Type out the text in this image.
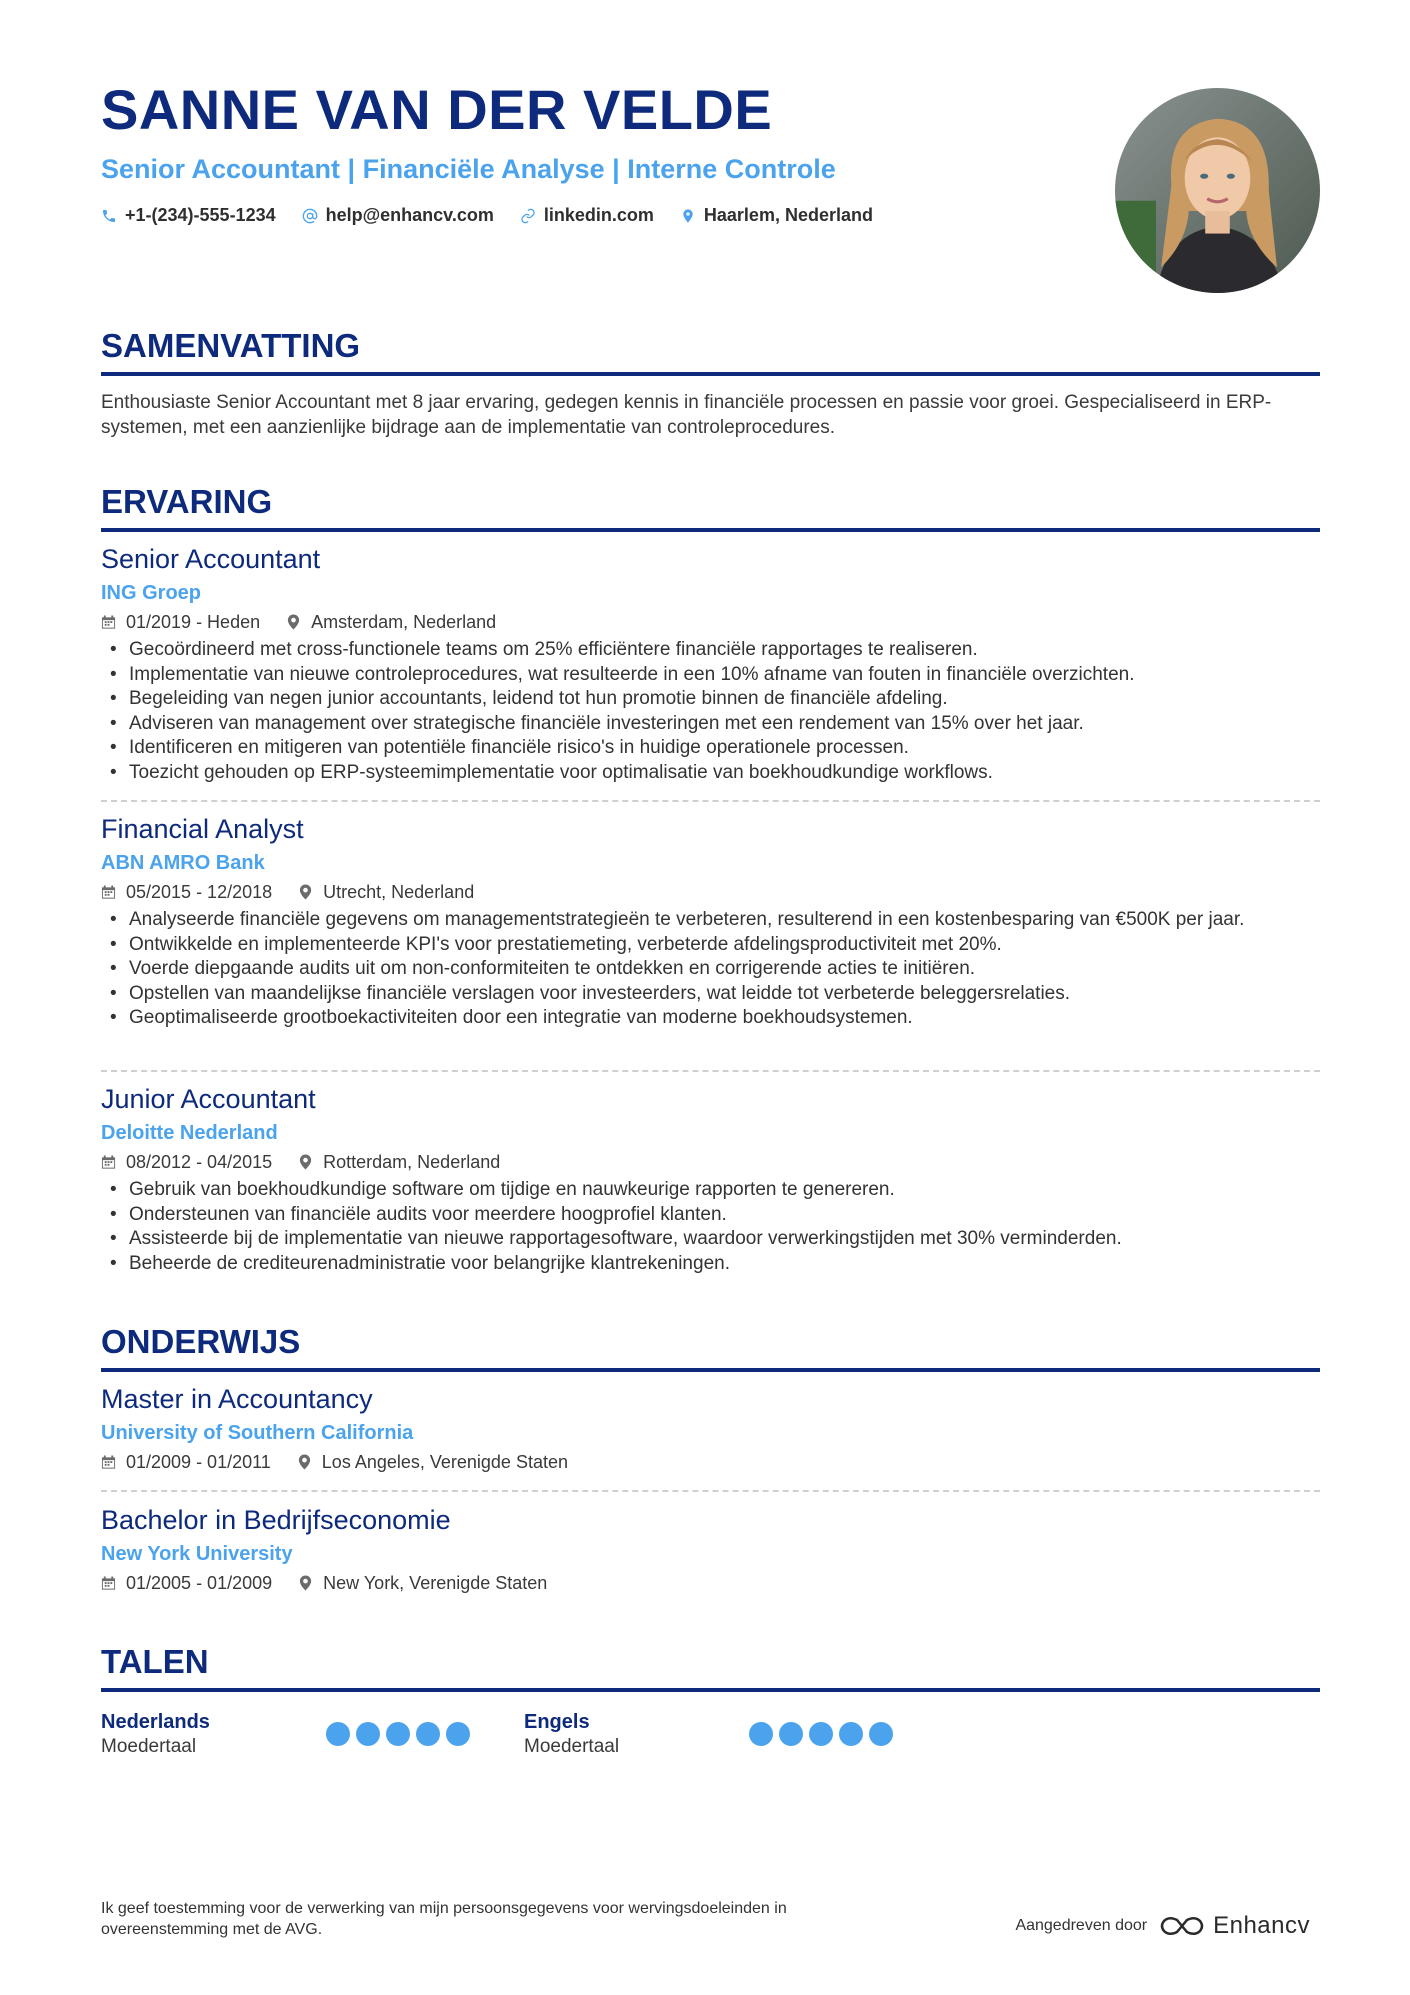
SANNE VAN DER VELDE
Senior Accountant | Financiële Analyse | Interne Controle
+1-(234)-555-1234	help@enhancv.com	linkedin.com	Haarlem, Nederland
SAMENVATTING

Enthousiaste Senior Accountant met 8 jaar ervaring, gedegen kennis in financiële processen en passie voor groei. Gespecialiseerd in ERP-systemen, met een aanzienlijke bijdrage aan de implementatie van controleprocedures.

ERVARING
Senior Accountant
ING Groep
01/2019 - Heden	Amsterdam, Nederland
• Gecoördineerd met cross-functionele teams om 25% efficiëntere financiële rapportages te realiseren.
• Implementatie van nieuwe controleprocedures, wat resulteerde in een 10% afname van fouten in financiële overzichten.
• Begeleiding van negen junior accountants, leidend tot hun promotie binnen de financiële afdeling.
• Adviseren van management over strategische financiële investeringen met een rendement van 15% over het jaar.
• Identificeren en mitigeren van potentiële financiële risico's in huidige operationele processen.
• Toezicht gehouden op ERP-systeemimplementatie voor optimalisatie van boekhoudkundige workflows.
Financial Analyst
ABN AMRO Bank
05/2015 - 12/2018	Utrecht, Nederland
• Analyseerde financiële gegevens om managementstrategieën te verbeteren, resulterend in een kostenbesparing van €500K per jaar.
• Ontwikkelde en implementeerde KPI's voor prestatiemeting, verbeterde afdelingsproductiviteit met 20%.
• Voerde diepgaande audits uit om non-conformiteiten te ontdekken en corrigerende acties te initiëren.
• Opstellen van maandelijkse financiële verslagen voor investeerders, wat leidde tot verbeterde beleggersrelaties.
• Geoptimaliseerde grootboekactiviteiten door een integratie van moderne boekhoudsystemen.
Junior Accountant
Deloitte Nederland
08/2012 - 04/2015	Rotterdam, Nederland
• Gebruik van boekhoudkundige software om tijdige en nauwkeurige rapporten te genereren.
• Ondersteunen van financiële audits voor meerdere hoogprofiel klanten.
• Assisteerde bij de implementatie van nieuwe rapportagesoftware, waardoor verwerkingstijden met 30% verminderden.
• Beheerde de crediteurenadministratie voor belangrijke klantrekeningen.
ONDERWIJS
Master in Accountancy
University of Southern California
01/2009 - 01/2011	Los Angeles, Verenigde Staten
Bachelor in Bedrijfseconomie
New York University
01/2005 - 01/2009	New York, Verenigde Staten
TALEN
Nederlands
Moedertaal
Engels
Moedertaal

Ik geef toestemming voor de verwerking van mijn persoonsgegevens voor wervingsdoeleinden in overeenstemming met de AVG.	Aangedreven door	Enhancv
